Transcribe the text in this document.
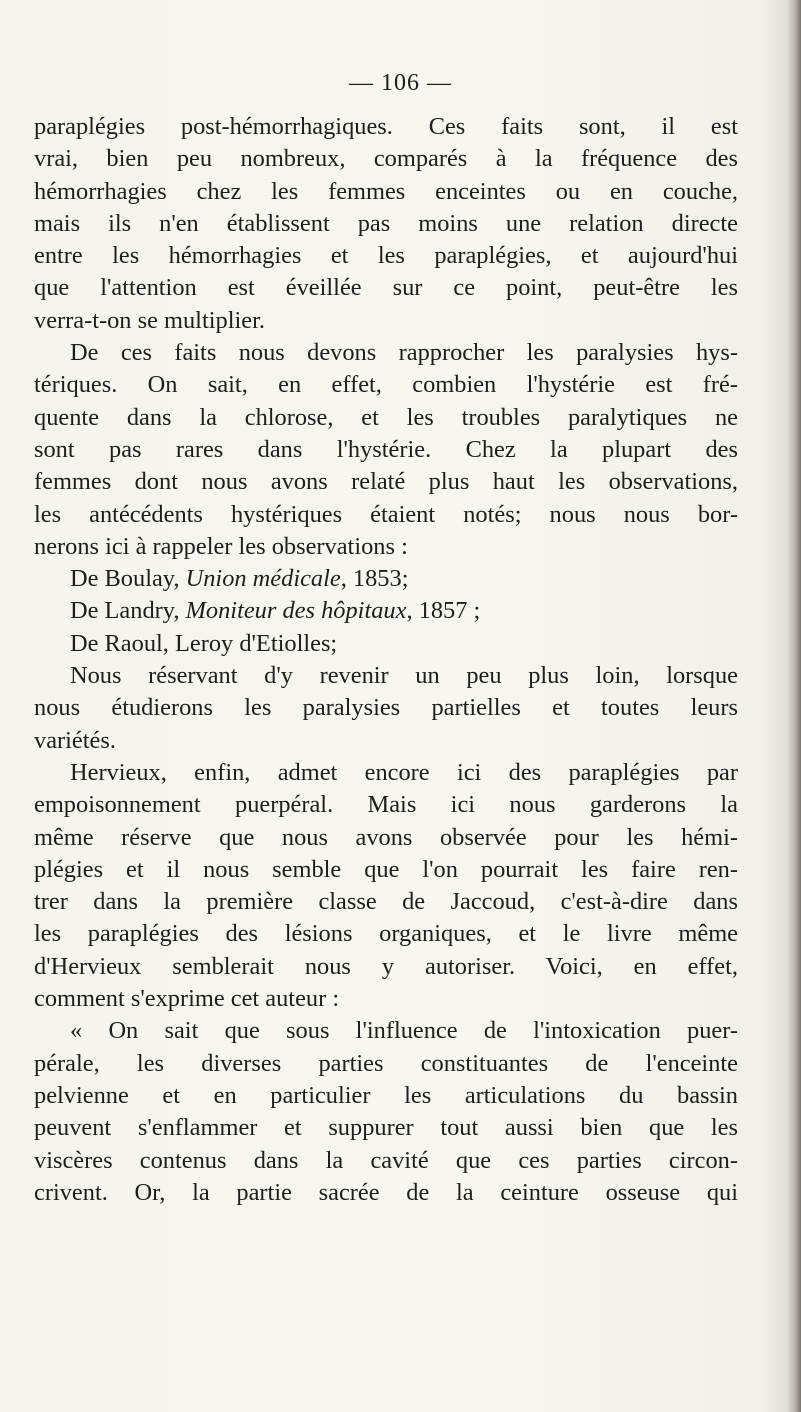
— 106 —
paraplégies post-hémorrhagiques. Ces faits sont, il est
vrai, bien peu nombreux, comparés à la fréquence des
hémorrhagies chez les femmes enceintes ou en couche,
mais ils n'en établissent pas moins une relation directe
entre les hémorrhagies et les paraplégies, et aujourd'hui
que l'attention est éveillée sur ce point, peut-être les
verra-t-on se multiplier.
De ces faits nous devons rapprocher les paralysies hys-
tériques. On sait, en effet, combien l'hystérie est fré-
quente dans la chlorose, et les troubles paralytiques ne
sont pas rares dans l'hystérie. Chez la plupart des
femmes dont nous avons relaté plus haut les observations,
les antécédents hystériques étaient notés; nous nous bor-
nerons ici à rappeler les observations :
De Boulay, Union médicale, 1853;
De Landry, Moniteur des hôpitaux, 1857 ;
De Raoul, Leroy d'Etiolles;
Nous réservant d'y revenir un peu plus loin, lorsque
nous étudierons les paralysies partielles et toutes leurs
variétés.
Hervieux, enfin, admet encore ici des paraplégies par
empoisonnement puerpéral. Mais ici nous garderons la
même réserve que nous avons observée pour les hémi-
plégies et il nous semble que l'on pourrait les faire ren-
trer dans la première classe de Jaccoud, c'est-à-dire dans
les paraplégies des lésions organiques, et le livre même
d'Hervieux semblerait nous y autoriser. Voici, en effet,
comment s'exprime cet auteur :
« On sait que sous l'influence de l'intoxication puer-
pérale, les diverses parties constituantes de l'enceinte
pelvienne et en particulier les articulations du bassin
peuvent s'enflammer et suppurer tout aussi bien que les
viscères contenus dans la cavité que ces parties circon-
crivent. Or, la partie sacrée de la ceinture osseuse qui
